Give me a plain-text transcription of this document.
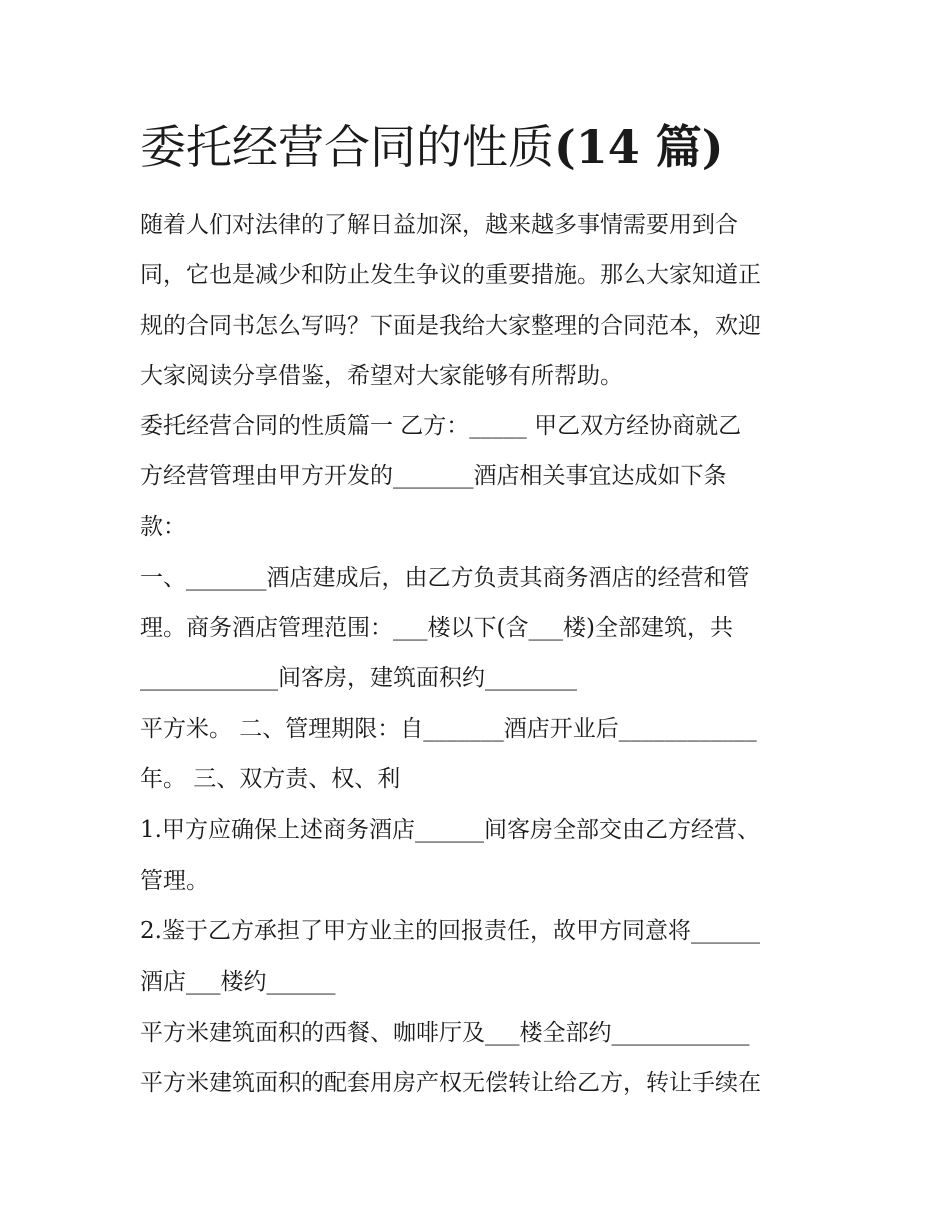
委托经营合同的性质(14 篇)

随着人们对法律的了解日益加深，越来越多事情需要用到合

同，它也是减少和防止发生争议的重要措施。那么大家知道正

规的合同书怎么写吗？下面是我给大家整理的合同范本，欢迎

大家阅读分享借鉴，希望对大家能够有所帮助。

委托经营合同的性质篇一 乙方：_____ 甲乙双方经协商就乙

方经营管理由甲方开发的_______酒店相关事宜达成如下条

款：

一、_______酒店建成后，由乙方负责其商务酒店的经营和管

理。商务酒店管理范围：___楼以下(含___楼)全部建筑，共

____________间客房，建筑面积约________

平方米。 二、管理期限：自_______酒店开业后____________

年。 三、双方责、权、利

1.甲方应确保上述商务酒店______间客房全部交由乙方经营、

管理。

2.鉴于乙方承担了甲方业主的回报责任，故甲方同意将______

酒店___楼约______

平方米建筑面积的西餐、咖啡厅及___楼全部约____________

平方米建筑面积的配套用房产权无偿转让给乙方，转让手续在
